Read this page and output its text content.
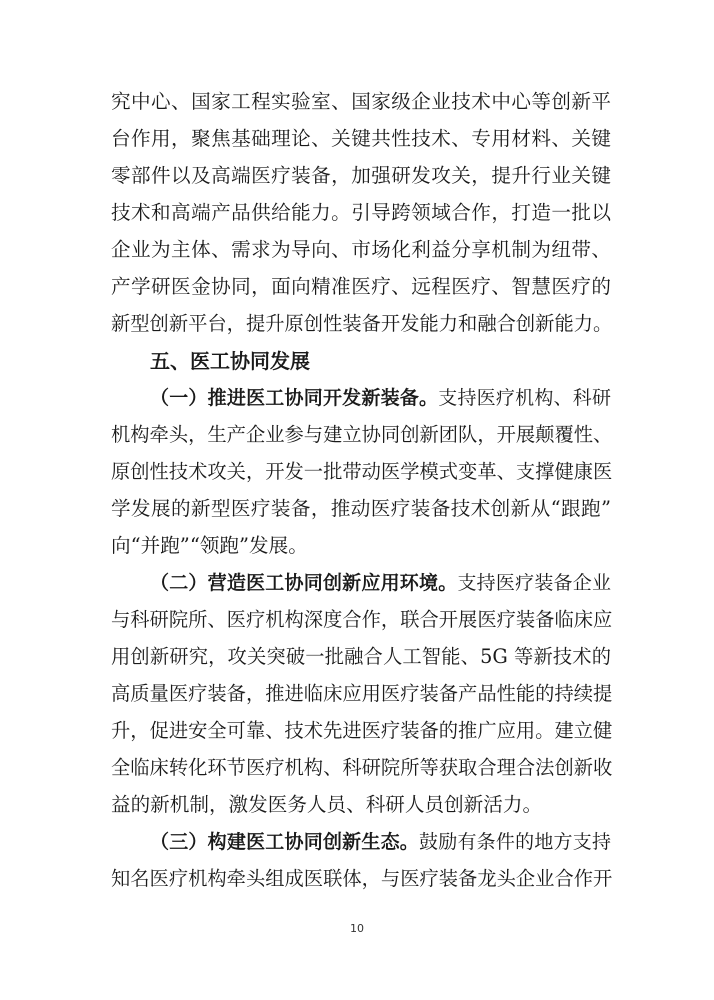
究中心、国家工程实验室、国家级企业技术中心等创新平
台作用，聚焦基础理论、关键共性技术、专用材料、关键
零部件以及高端医疗装备，加强研发攻关，提升行业关键
技术和高端产品供给能力。引导跨领域合作，打造一批以
企业为主体、需求为导向、市场化利益分享机制为纽带、
产学研医金协同，面向精准医疗、远程医疗、智慧医疗的
新型创新平台，提升原创性装备开发能力和融合创新能力。
五、医工协同发展
（一）推进医工协同开发新装备。支持医疗机构、科研
机构牵头，生产企业参与建立协同创新团队，开展颠覆性、
原创性技术攻关，开发一批带动医学模式变革、支撑健康医
学发展的新型医疗装备，推动医疗装备技术创新从“跟跑”
向“并跑”“领跑”发展。
（二）营造医工协同创新应用环境。支持医疗装备企业
与科研院所、医疗机构深度合作，联合开展医疗装备临床应
用创新研究，攻关突破一批融合人工智能、5G 等新技术的
高质量医疗装备，推进临床应用医疗装备产品性能的持续提
升，促进安全可靠、技术先进医疗装备的推广应用。建立健
全临床转化环节医疗机构、科研院所等获取合理合法创新收
益的新机制，激发医务人员、科研人员创新活力。
（三）构建医工协同创新生态。鼓励有条件的地方支持
知名医疗机构牵头组成医联体，与医疗装备龙头企业合作开
10
